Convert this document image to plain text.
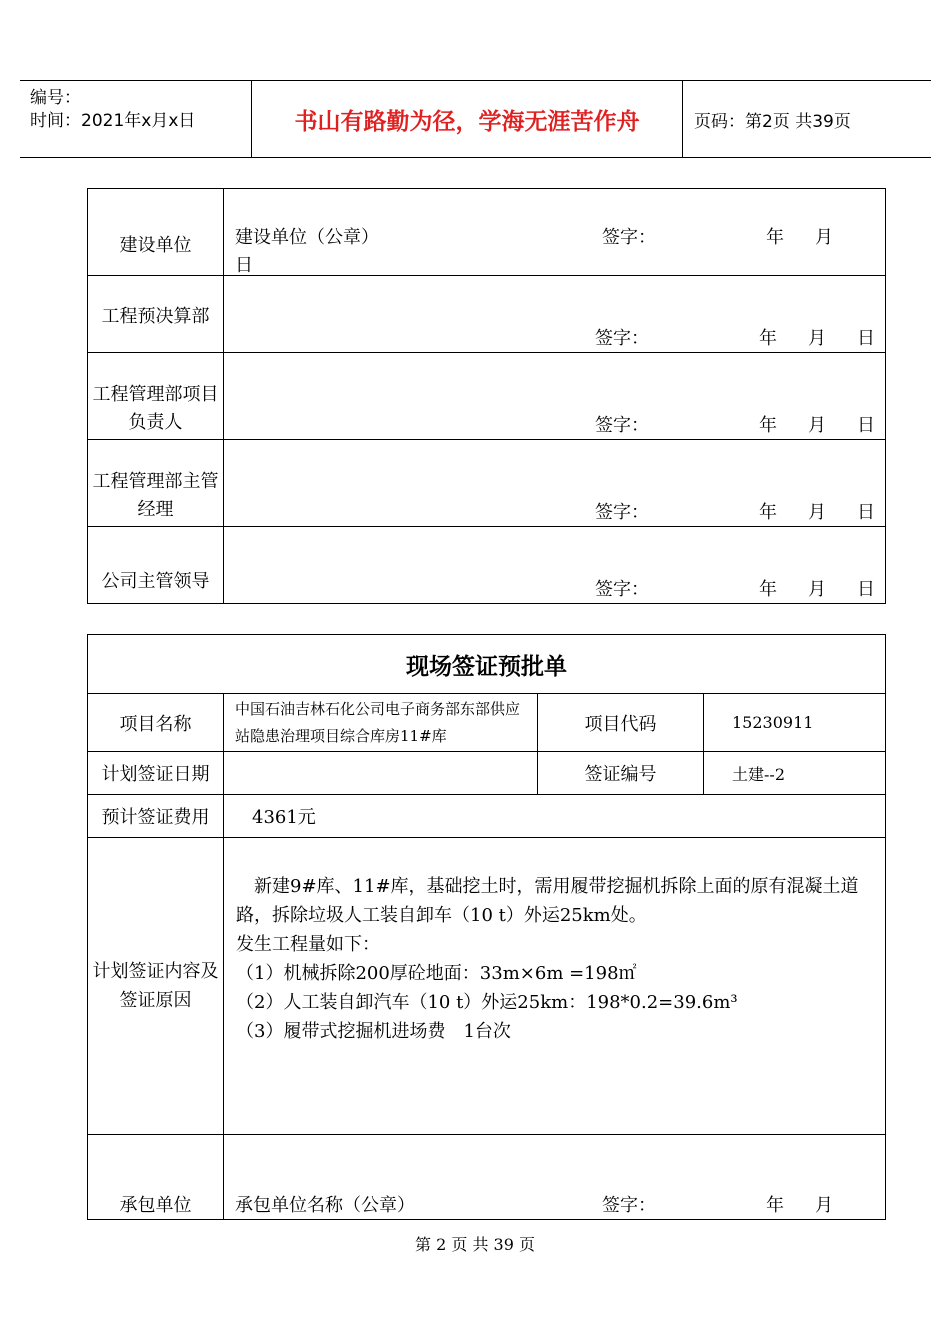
编号：
时间：2021年x月x日	书山有路勤为径，学海无涯苦作舟	页码：第2页 共39页
建设单位	建设单位（公章） 签字： 年 月
日

工程预决算部	签字： 年 月 日

工程管理部项目负责人	签字： 年 月 日

工程管理部主管经理	签字： 年 月 日

公司主管领导	签字： 年 月 日
现场签证预批单			
项目名称	中国石油吉林石化公司电子商务部东部供应站隐患治理项目综合库房11#库	项目代码	15230911
计划签证日期		签证编号	土建--2
预计签证费用	4361元		
计划签证内容及签证原因	新建9#库、11#库，基础挖土时，需用履带挖掘机拆除上面的原有混凝土道路，拆除垃圾人工装自卸车（10 t）外运25km处。

发生工程量如下：

（1）机械拆除200厚砼地面：33m×6m =198㎡

（2）人工装自卸汽车（10 t）外运25km：198*0.2=39.6m³

（3）履带式挖掘机进场费　1台次		

承包单位	承包单位名称（公章） 签字： 年 月		
第 2 页 共 39 页
